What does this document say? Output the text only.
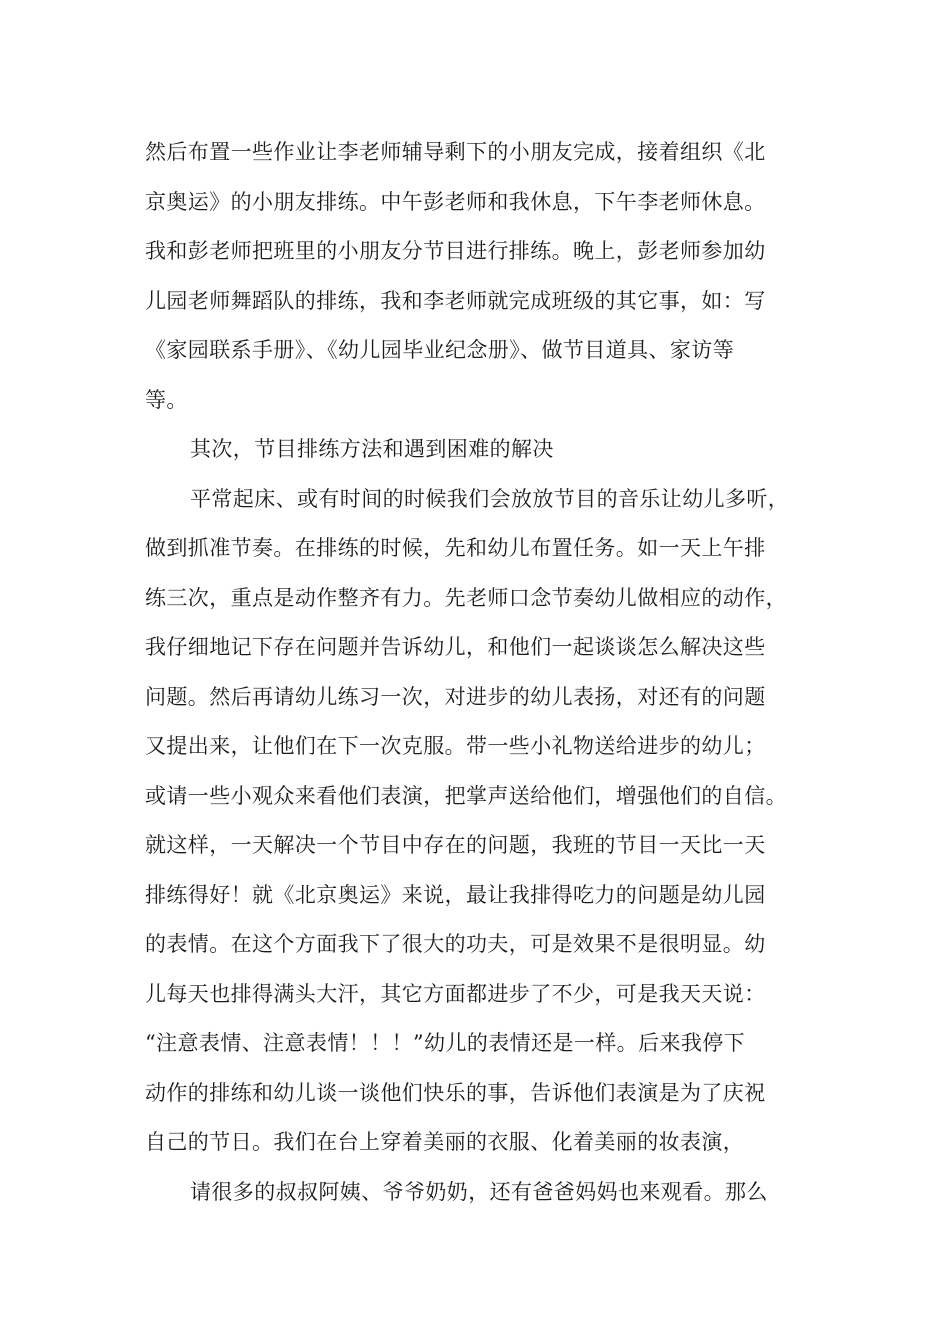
然后布置一些作业让李老师辅导剩下的小朋友完成，接着组织《北
京奥运》的小朋友排练。中午彭老师和我休息，下午李老师休息。
我和彭老师把班里的小朋友分节目进行排练。晚上，彭老师参加幼
儿园老师舞蹈队的排练，我和李老师就完成班级的其它事，如：写
《家园联系手册》、《幼儿园毕业纪念册》、做节目道具、家访等
等。
其次，节目排练方法和遇到困难的解决
平常起床、或有时间的时候我们会放放节目的音乐让幼儿多听，
做到抓准节奏。在排练的时候，先和幼儿布置任务。如一天上午排
练三次，重点是动作整齐有力。先老师口念节奏幼儿做相应的动作，
我仔细地记下存在问题并告诉幼儿，和他们一起谈谈怎么解决这些
问题。然后再请幼儿练习一次，对进步的幼儿表扬，对还有的问题
又提出来，让他们在下一次克服。带一些小礼物送给进步的幼儿；
或请一些小观众来看他们表演，把掌声送给他们，增强他们的自信。
就这样，一天解决一个节目中存在的问题，我班的节目一天比一天
排练得好！就《北京奥运》来说，最让我排得吃力的问题是幼儿园
的表情。在这个方面我下了很大的功夫，可是效果不是很明显。幼
儿每天也排得满头大汗，其它方面都进步了不少，可是我天天说：
“注意表情、注意表情！！！”幼儿的表情还是一样。后来我停下
动作的排练和幼儿谈一谈他们快乐的事，告诉他们表演是为了庆祝
自己的节日。我们在台上穿着美丽的衣服、化着美丽的妆表演，
请很多的叔叔阿姨、爷爷奶奶，还有爸爸妈妈也来观看。那么
